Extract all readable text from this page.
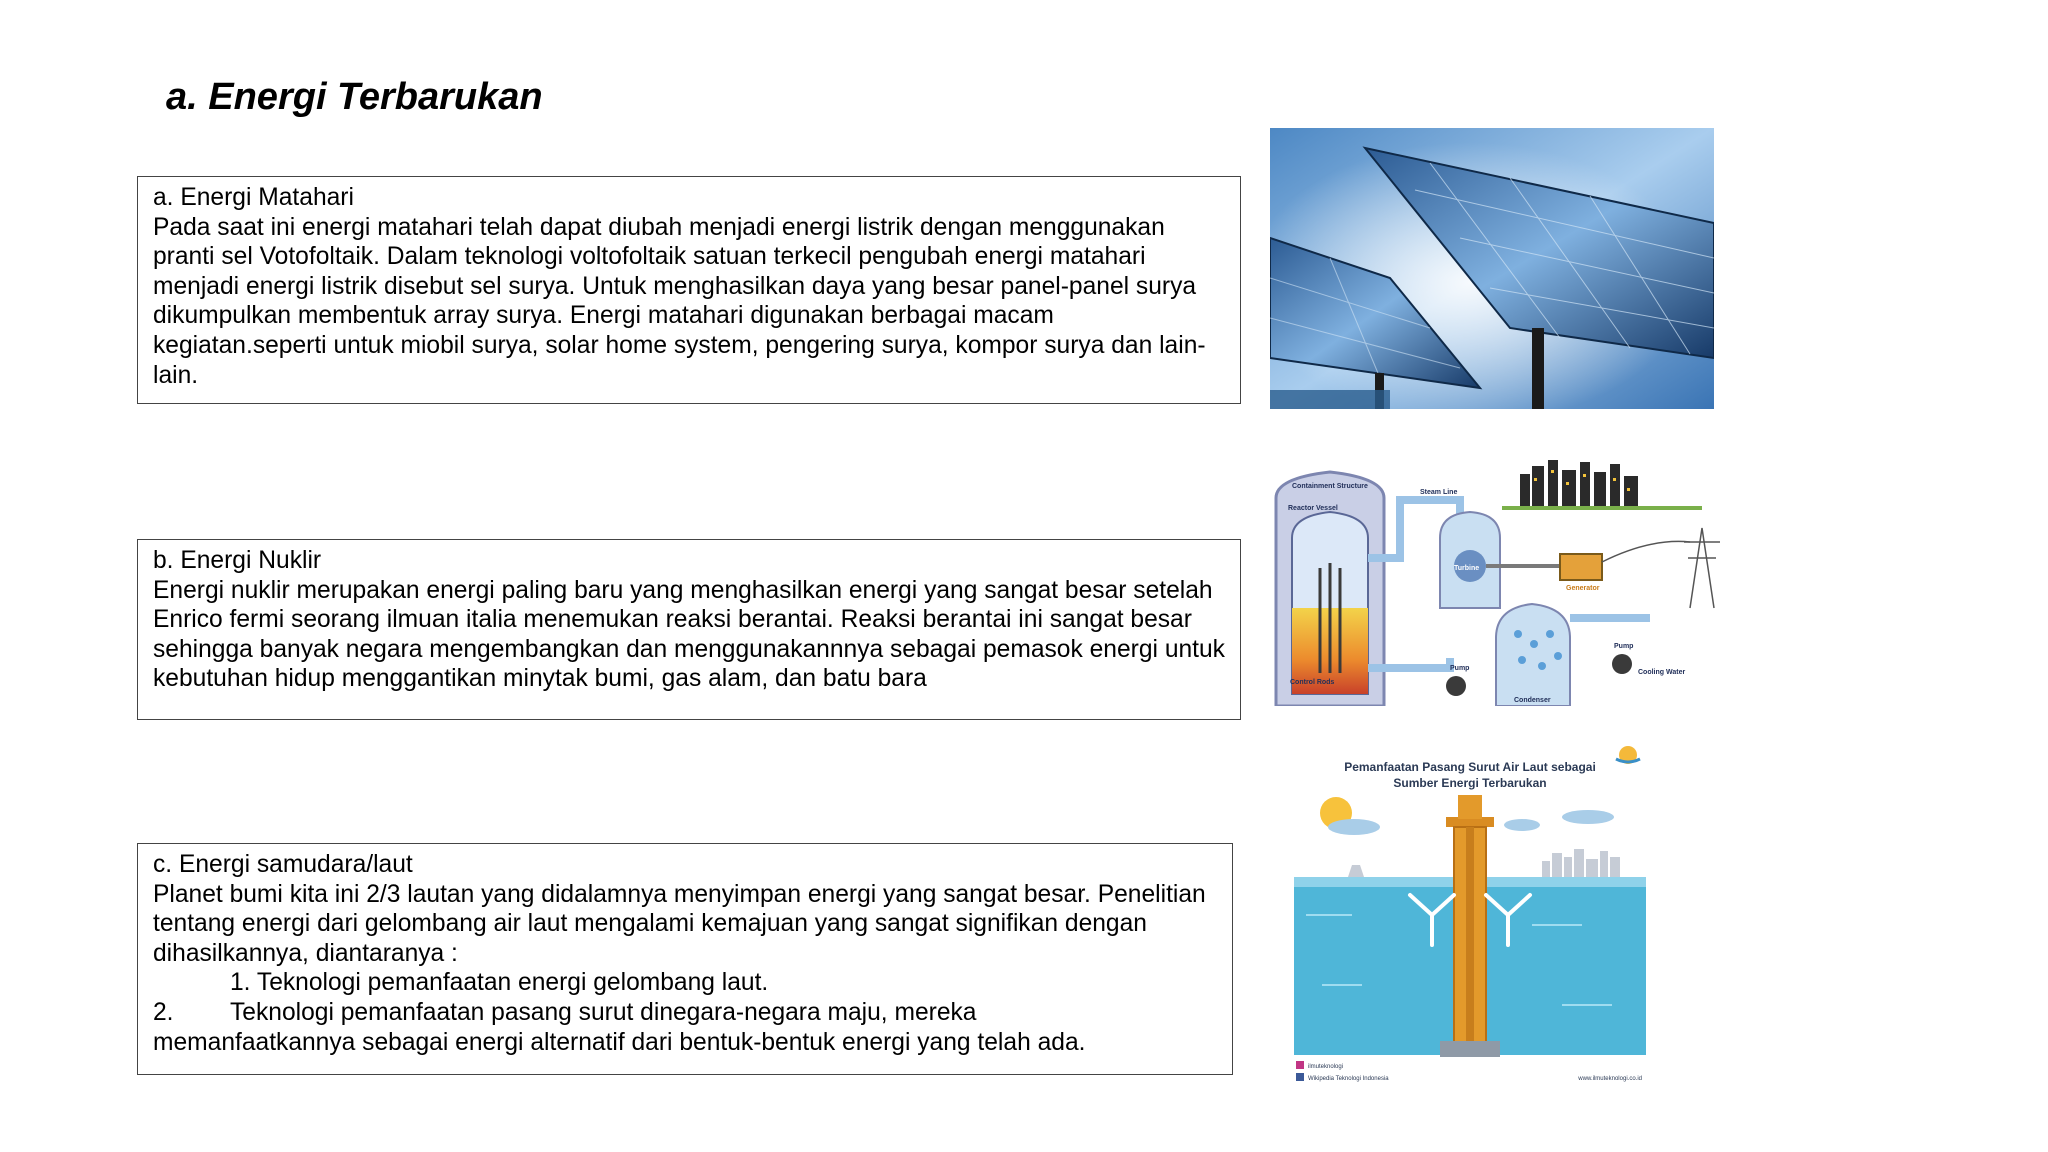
a. Energi Terbarukan

a. Energi Matahari

Pada saat ini energi matahari telah dapat diubah menjadi energi listrik dengan menggunakan pranti sel Votofoltaik. Dalam teknologi voltofoltaik satuan terkecil pengubah energi matahari menjadi energi listrik disebut sel surya. Untuk menghasilkan daya yang besar panel-panel surya dikumpulkan membentuk array surya. Energi matahari digunakan berbagai macam kegiatan.seperti untuk miobil surya, solar home system, pengering surya, kompor surya dan lain-lain.

b. Energi Nuklir

Energi nuklir merupakan energi paling baru yang menghasilkan energi yang sangat besar setelah Enrico fermi seorang ilmuan italia menemukan reaksi berantai. Reaksi berantai ini sangat besar sehingga banyak negara mengembangkan dan menggunakannnya sebagai pemasok energi untuk kebutuhan hidup menggantikan minytak bumi, gas alam, dan batu bara

c. Energi samudara/laut

Planet bumi kita ini 2/3 lautan yang didalamnya menyimpan energi yang sangat besar. Penelitian tentang energi dari gelombang air laut mengalami kemajuan yang sangat signifikan dengan dihasilkannya, diantaranya :

1. Teknologi pemanfaatan energi gelombang laut.

2.	Teknologi pemanfaatan pasang surut dinegara-negara maju, mereka

memanfaatkannya sebagai energi alternatif dari bentuk-bentuk energi yang telah ada.

Containment Structure
Reactor Vessel
Control Rods
Steam Line
Turbine
Generator
Condenser
Pump
Pump
Cooling Water
Pemanfaatan Pasang Surut Air Laut sebagai
Sumber Energi Terbarukan
ilmuteknologi
Wikipedia Teknologi Indonesia	www.ilmuteknologi.co.id
